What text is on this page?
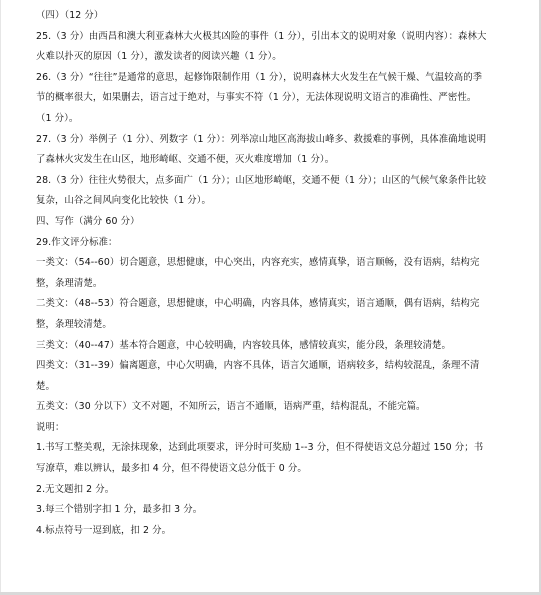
（四）（12 分）
25.（3 分）由西昌和澳大利亚森林大火极其凶险的事件（1 分），引出本文的说明对象（说明内容）：森林大
火难以扑灭的原因（1 分），激发读者的阅读兴趣（1 分）。
26.（3 分）“往往”是通常的意思，起修饰限制作用（1 分），说明森林大火发生在气候干燥、气温较高的季
节的概率很大，如果删去，语言过于绝对，与事实不符（1 分），无法体现说明文语言的准确性、严密性。
（1 分）。
27.（3 分）举例子（1 分）、列数字（1 分）：列举凉山地区高海拔山峰多、救援难的事例，具体准确地说明
了森林火灾发生在山区，地形崎岖、交通不便，灭火难度增加（1 分）。
28.（3 分）往往火势很大，点多面广（1 分）；山区地形崎岖，交通不便（1 分）；山区的气候气象条件比较
复杂，山谷之间风向变化比较快（1 分）。
四、写作（满分 60 分）
29.作文评分标准：
一类文：（54--60）切合题意，思想健康，中心突出，内容充实，感情真挚，语言顺畅，没有语病，结构完
整，条理清楚。
二类文：（48--53）符合题意，思想健康，中心明确，内容具体，感情真实，语言通顺，偶有语病，结构完
整，条理较清楚。
三类文：（40--47）基本符合题意，中心较明确，内容较具体，感情较真实，能分段，条理较清楚。
四类文：（31--39）偏离题意，中心欠明确，内容不具体，语言欠通顺，语病较多，结构较混乱，条理不清
楚。
五类文：（30 分以下）文不对题，不知所云，语言不通顺，语病严重，结构混乱，不能完篇。
说明：
1.书写工整美观，无涂抹现象，达到此项要求，评分时可奖励 1--3 分，但不得使语文总分超过 150 分；书
写潦草，难以辨认，最多扣 4 分，但不得使语文总分低于 0 分。
2.无文题扣 2 分。
3.每三个错别字扣 1 分，最多扣 3 分。
4.标点符号一逗到底，扣 2 分。
